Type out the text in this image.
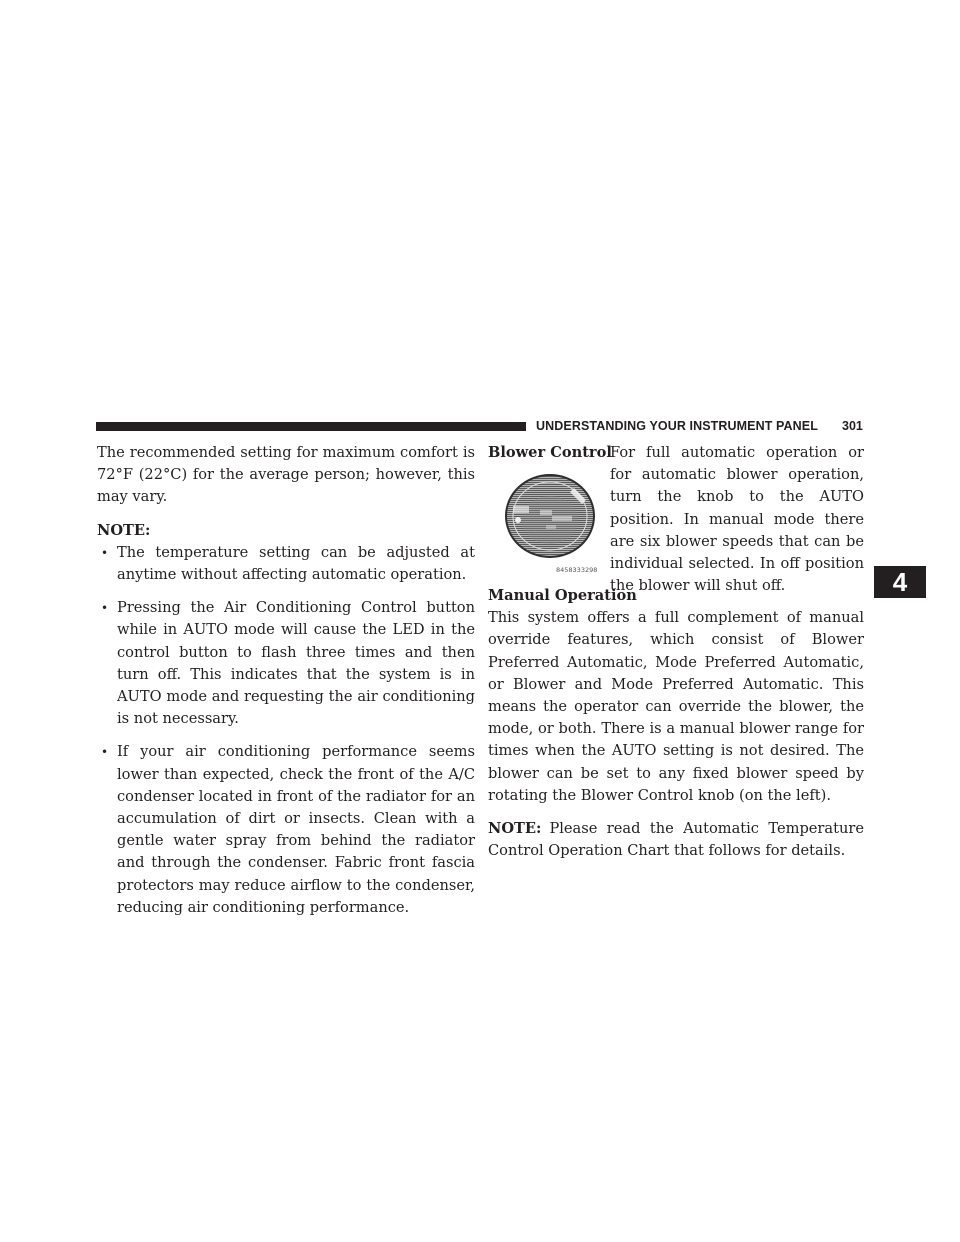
UNDERSTANDING YOUR INSTRUMENT PANEL 301
4

The recommended setting for maximum comfort is 72°F (22°C) for the average person; however, this may vary.

NOTE:
• The temperature setting can be adjusted at anytime without affecting automatic operation.
• Pressing the Air Conditioning Control button while in AUTO mode will cause the LED in the control button to flash three times and then turn off. This indicates that the system is in AUTO mode and requesting the air conditioning is not necessary.
• If your air conditioning performance seems lower than expected, check the front of the A/C condenser located in front of the radiator for an accumulation of dirt or insects. Clean with a gentle water spray from behind the radiator and through the condenser. Fabric front fascia protectors may reduce airflow to the condenser, reducing air conditioning performance.
Blower Control
8458333298

For full automatic operation or for automatic blower operation, turn the knob to the AUTO position. In manual mode there are six blower speeds that can be individual selected. In off position the blower will shut off.

Manual Operation

This system offers a full complement of manual override features, which consist of Blower Preferred Automatic, Mode Preferred Automatic, or Blower and Mode Preferred Automatic. This means the operator can override the blower, the mode, or both. There is a manual blower range for times when the AUTO setting is not desired. The blower can be set to any fixed blower speed by rotating the Blower Control knob (on the left).

NOTE: Please read the Automatic Temperature Control Operation Chart that follows for details.
